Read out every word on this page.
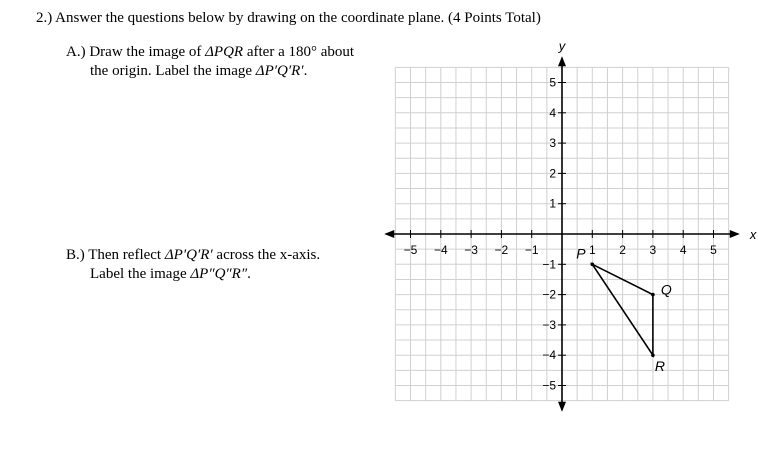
2.) Answer the questions below by drawing on the coordinate plane. (4 Points Total)
A.) Draw the image of ΔPQR after a 180° about
the origin. Label the image ΔP′Q′R′.
B.) Then reflect ΔP′Q′R′ across the x-axis.
Label the image ΔP″Q″R″.
x
y
−5 −4 −3 −2 −1	1 2 3 4 5
−5
−4
−3
−2
−1
1
2
3
4
5
P
Q
R
